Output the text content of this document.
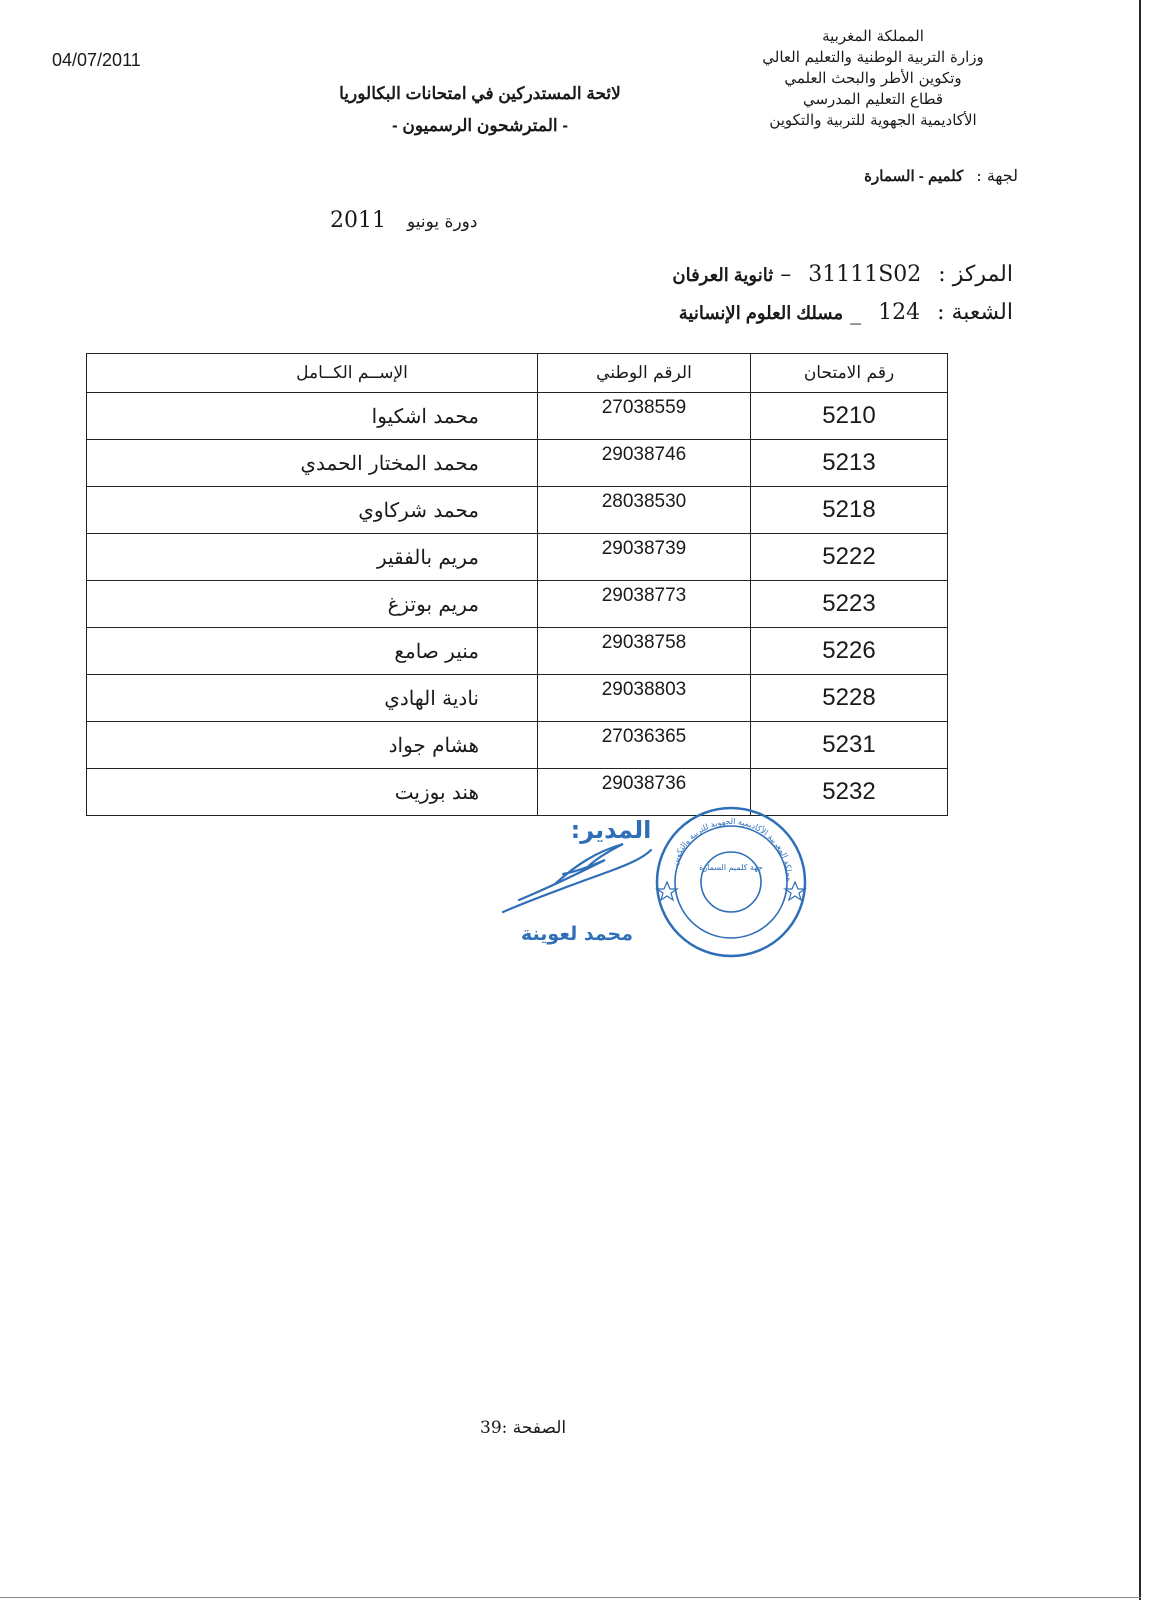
04/07/2011
المملكة المغربية
وزارة التربية الوطنية والتعليم العالي
وتكوين الأطر والبحث العلمي
قطاع التعليم المدرسي
الأكاديمية الجهوية للتربية والتكوين
لجهة : كلميم - السمارة
لائحة المستدركين في امتحانات البكالوريا
- المترشحون الرسميون -
دورة يونيو 2011
المركز : 31111S02 – ثانوية العرفان
الشعبة : 124 _ مسلك العلوم الإنسانية
رقم الامتحان	الرقم الوطني	الإســم الكــامل
5210	27038559	محمد اشكيوا
5213	29038746	محمد المختار الحمدي
5218	28038530	محمد شركاوي
5222	29038739	مريم بالفقير
5223	29038773	مريم بوتزغ
5226	29038758	منير صامع
5228	29038803	نادية الهادي
5231	27036365	هشام جواد
5232	29038736	هند بوزيت
مملكة المغربية الأكاديمية الجهوية للتربية والتكوين
جهة كلميم السمارة
المدير:
محمد لعوينة
الصفحة :39
